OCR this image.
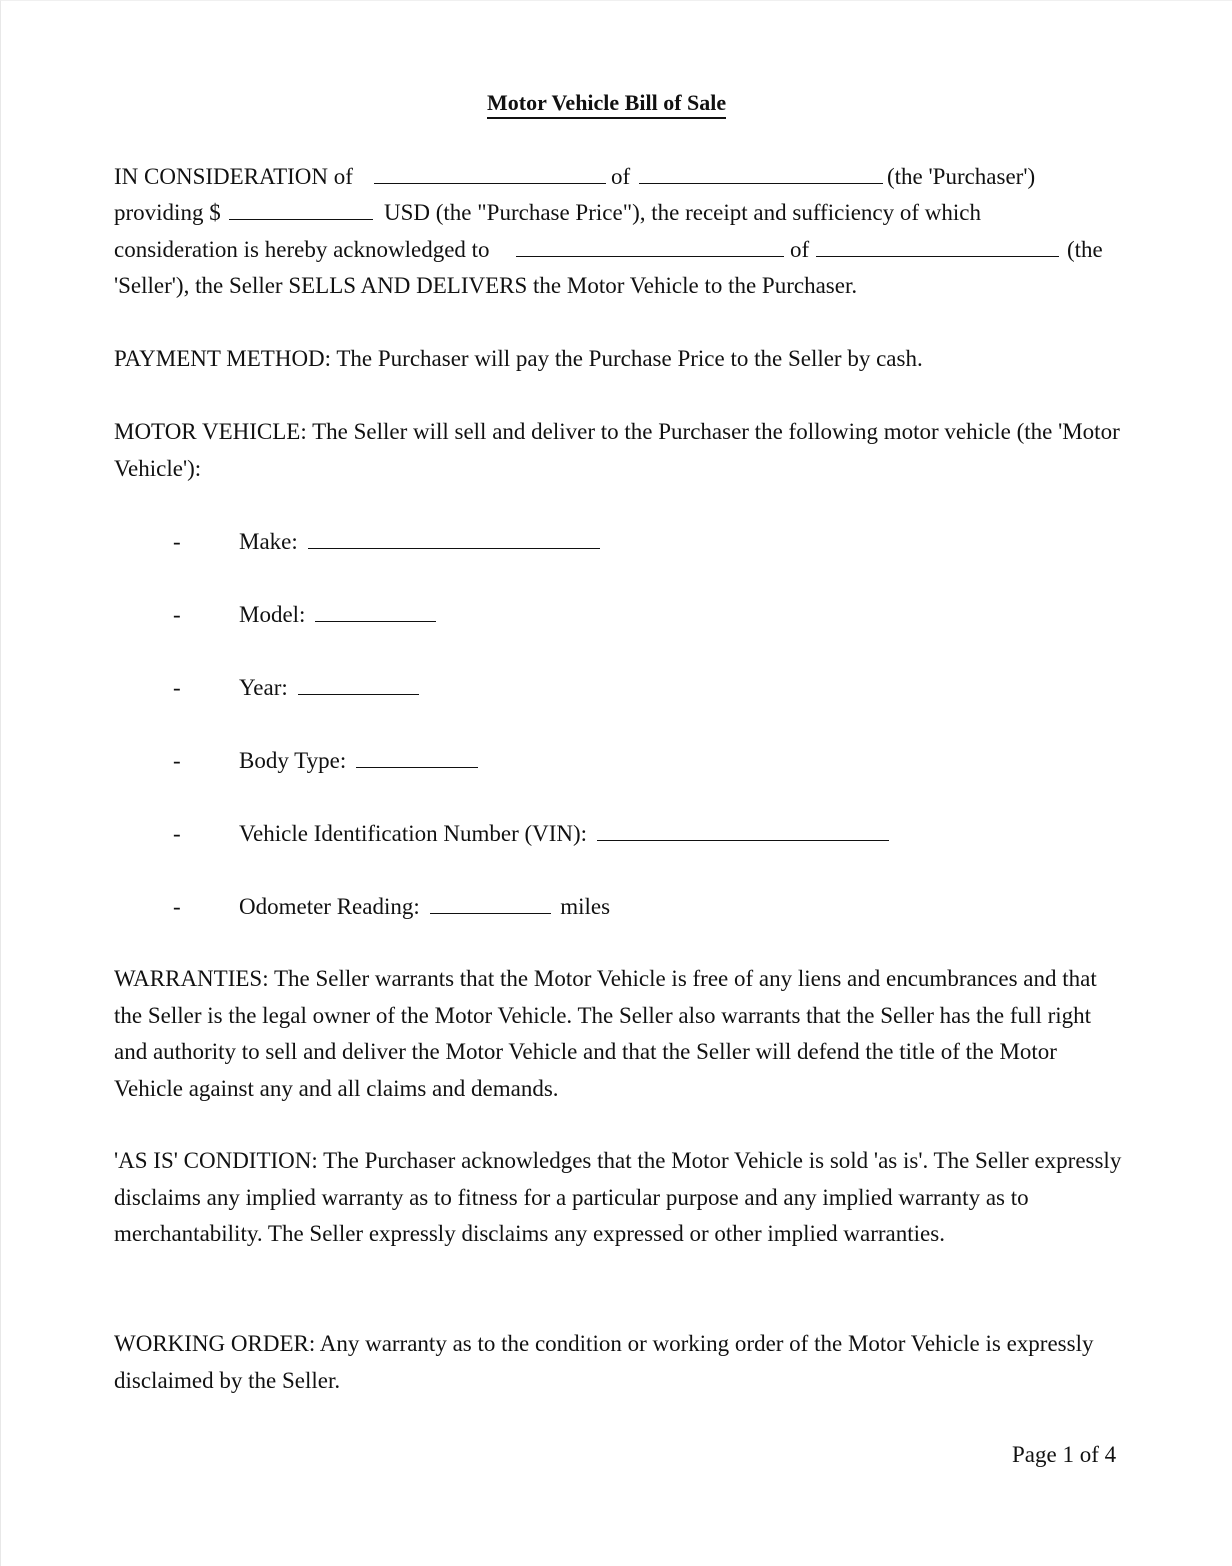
Motor Vehicle Bill of Sale
IN CONSIDERATION of	of	(the 'Purchaser')
providing $	USD (the "Purchase Price"), the receipt and sufficiency of which
consideration is hereby acknowledged to	of	(the
'Seller'), the Seller SELLS AND DELIVERS the Motor Vehicle to the Purchaser.
PAYMENT METHOD: The Purchaser will pay the Purchase Price to the Seller by cash.
MOTOR VEHICLE: The Seller will sell and deliver to the Purchaser the following motor vehicle (the 'Motor Vehicle'):
-	Make:
-	Model:
-	Year:
-	Body Type:
-	Vehicle Identification Number (VIN):
-	Odometer Reading:	miles
WARRANTIES: The Seller warrants that the Motor Vehicle is free of any liens and encumbrances and that the Seller is the legal owner of the Motor Vehicle. The Seller also warrants that the Seller has the full right and authority to sell and deliver the Motor Vehicle and that the Seller will defend the title of the Motor Vehicle against any and all claims and demands.
'AS IS' CONDITION: The Purchaser acknowledges that the Motor Vehicle is sold 'as is'. The Seller expressly disclaims any implied warranty as to fitness for a particular purpose and any implied warranty as to merchantability. The Seller expressly disclaims any expressed or other implied warranties.
WORKING ORDER: Any warranty as to the condition or working order of the Motor Vehicle is expressly disclaimed by the Seller.
Page 1 of 4
